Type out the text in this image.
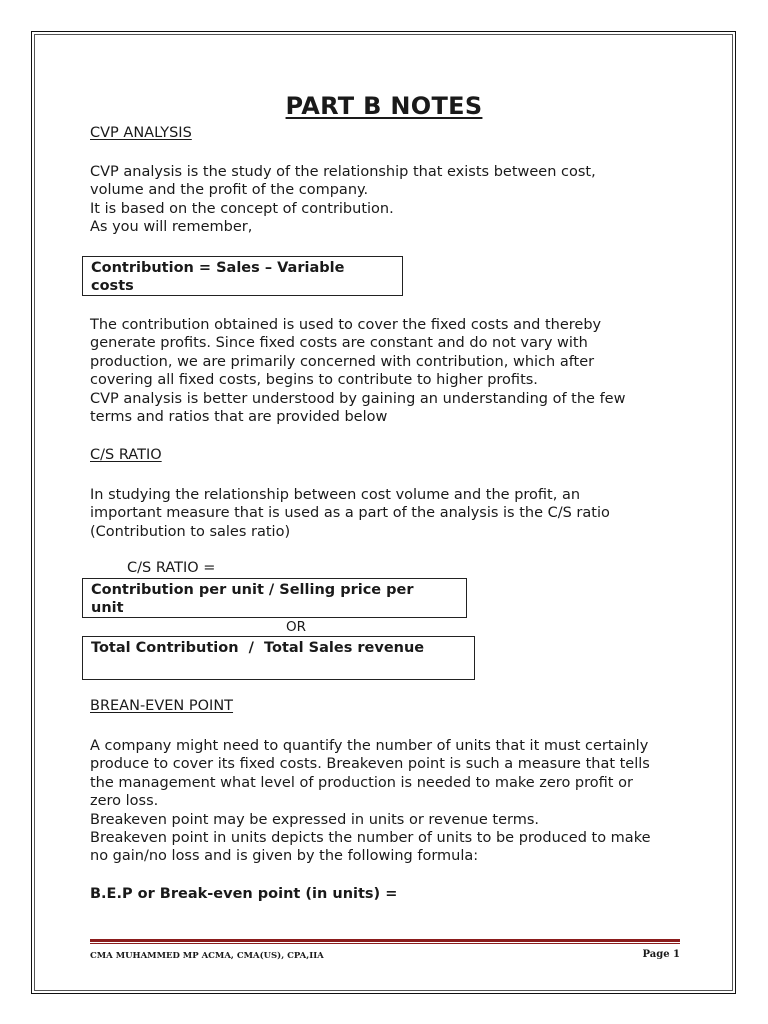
PART B NOTES
CVP ANALYSIS
CVP analysis is the study of the relationship that exists between cost,
volume and the profit of the company.
It is based on the concept of contribution.
As you will remember,
Contribution = Sales – Variable
costs
The contribution obtained is used to cover the fixed costs and thereby
generate profits. Since fixed costs are constant and do not vary with
production, we are primarily concerned with contribution, which after
covering all fixed costs, begins to contribute to higher profits.
CVP analysis is better understood by gaining an understanding of the few
terms and ratios that are provided below
C/S RATIO
In studying the relationship between cost volume and the profit, an
important measure that is used as a part of the analysis is the C/S ratio
(Contribution to sales ratio)
C/S RATIO =
Contribution per unit / Selling price per
unit
OR
Total Contribution  /  Total Sales revenue
BREAN-EVEN POINT
A company might need to quantify the number of units that it must certainly
produce to cover its fixed costs. Breakeven point is such a measure that tells
the management what level of production is needed to make zero profit or
zero loss.
Breakeven point may be expressed in units or revenue terms.
Breakeven point in units depicts the number of units to be produced to make
no gain/no loss and is given by the following formula:
B.E.P or Break-even point (in units) =
CMA MUHAMMED MP ACMA, CMA(US), CPA,IIA	Page 1
